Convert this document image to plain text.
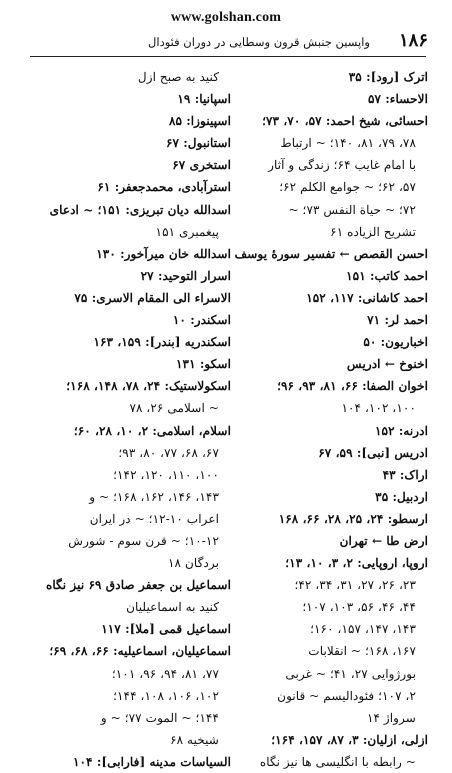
www.golshan.com
۱۸۶
واپسین جنبش قرون وسطایی در دوران فئودال
اترک [رود]: ۳۵
الاحساء: ۵۷
احسائی، شیخ احمد: ۵۷، ۷۰، ۷۳؛
۷۸، ۷۹، ۸۱، ۱۴۰؛ ~ ارتباط
با امام غایب ۶۴؛ زندگی و آثار
۵۷، ۶۲؛ ~ جوامع الکلم ۶۲؛
۷۲؛ ~ حیاة النفس ۷۳؛ ~
تشریح الزیاده ۶۱
احسن القصص ← تفسیر سورهٔ یوسف
احمد کاتب: ۱۵۱
احمد کاشانی: ۱۱۷، ۱۵۲
احمد لر: ۷۱
اخباریون: ۵۰
اخنوخ ← ادریس
اخوان الصفا: ۶۶، ۸۱، ۹۳، ۹۶؛
۱۰۰، ۱۰۲، ۱۰۴
ادرنه: ۱۵۲
ادریس [نبی]: ۵۹، ۶۷
اراک: ۴۳
اردبیل: ۳۵
ارسطو: ۲۴، ۲۵، ۲۸، ۶۶، ۱۶۸
ارض طا ← تهران
اروپا، اروپایی: ۲، ۳، ۱۰، ۱۳؛
۲۳، ۲۶، ۲۷، ۳۱، ۳۴، ۴۲؛
۴۴، ۴۶، ۵۶، ۱۰۳، ۱۰۷؛
۱۴۳، ۱۴۷، ۱۵۷، ۱۶۰؛
۱۶۷، ۱۶۸؛ ~ انقلابات
بورژوایی ۲۷، ۴۱؛ ~ غربی
۲، ۱۰۷؛ فئودالیسم ~ قانون
سرواژ ۱۴
ازلی، ازلیان: ۳، ۸۷، ۱۵۷، ۱۶۴؛
~ رابطه با انگلیسی ها نیز نگاه
کنید به صبح ازل
اسپانیا: ۱۹
اسپینوزا: ۸۵
استانبول: ۶۷
استخری ۶۷
استرآبادی، محمدجعفر: ۶۱
اسدالله دیان تبریزی: ۱۵۱؛ ~ ادعای
پیغمبری ۱۵۱
اسدالله خان میرآخور: ۱۳۰
اسرار التوحید: ۲۷
الاسراء الی المقام الاسری: ۷۵
اسکندر: ۱۰
اسکندریه [بندر]: ۱۵۹، ۱۶۳
اسکو: ۱۳۱
اسکولاستیک: ۲۴، ۷۸، ۱۴۸، ۱۶۸؛
~ اسلامی ۲۶، ۷۸
اسلام، اسلامی: ۲، ۱۰، ۲۸، ۶۰؛
۶۷، ۶۸، ۷۷، ۸۰، ۹۳؛
۱۰۰، ۱۱۰، ۱۲۰، ۱۴۲؛
۱۴۳، ۱۴۶، ۱۶۲، ۱۶۸؛ ~ و
اعراب ۱۰-۱۲؛ ~ در ایران
۱۰-۱۲؛ ~ قرن سوم - شورش
بردگان ۱۸
اسماعیل بن جعفر صادق ۶۹ نیز نگاه
کنید به اسماعیلیان
اسماعیل قمی [ملا]: ۱۱۷
اسماعیلیان، اسماعیلیه: ۶۶، ۶۸، ۶۹؛
۷۷، ۸۱، ۹۴، ۹۶، ۱۰۱؛
۱۰۲، ۱۰۶، ۱۰۸، ۱۴۴؛
۱۴۴؛ ~ الموت ۷۷؛ ~ و
شیخیه ۶۸
السیاسات مدینه [فارابی]: ۱۰۴
